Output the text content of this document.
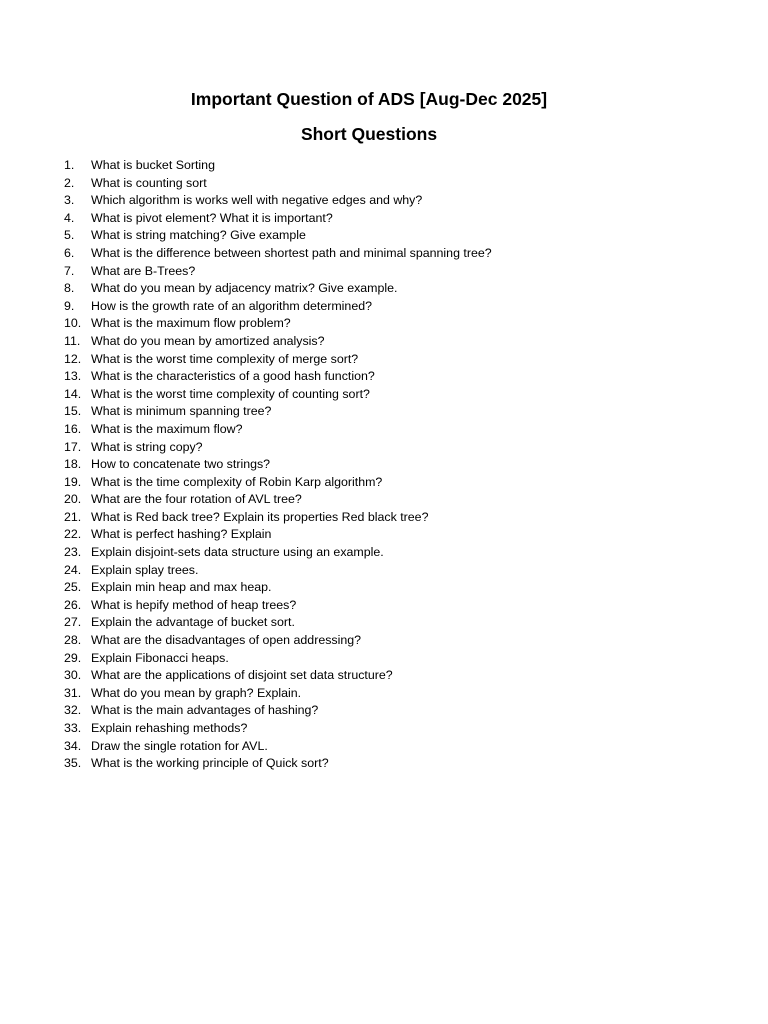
Important Question of ADS [Aug-Dec 2025]
Short Questions
1.	What is bucket Sorting
2.	What is counting sort
3.	Which algorithm is works well with negative edges and why?
4.	What is pivot element? What it is important?
5.	What is string matching? Give example
6.	What is the difference between shortest path and minimal spanning tree?
7.	What are B-Trees?
8.	What do you mean by adjacency matrix? Give example.
9.	How is the growth rate of an algorithm determined?
10. What is the maximum flow problem?
11. What do you mean by amortized analysis?
12. What is the worst time complexity of merge sort?
13. What is the characteristics of a good hash function?
14. What is the worst time complexity of counting sort?
15. What is minimum spanning tree?
16. What is the maximum flow?
17. What is string copy?
18. How to concatenate two strings?
19. What is the time complexity of Robin Karp algorithm?
20. What are the four rotation of AVL tree?
21. What is Red back tree? Explain its properties Red black tree?
22. What is perfect hashing? Explain
23. Explain disjoint-sets data structure using an example.
24. Explain splay trees.
25. Explain min heap and max heap.
26. What is hepify method of heap trees?
27. Explain the advantage of bucket sort.
28. What are the disadvantages of open addressing?
29. Explain Fibonacci heaps.
30. What are the applications of disjoint set data structure?
31. What do you mean by graph? Explain.
32. What is the main advantages of hashing?
33. Explain rehashing methods?
34. Draw the single rotation for AVL.
35. What is the working principle of Quick sort?
